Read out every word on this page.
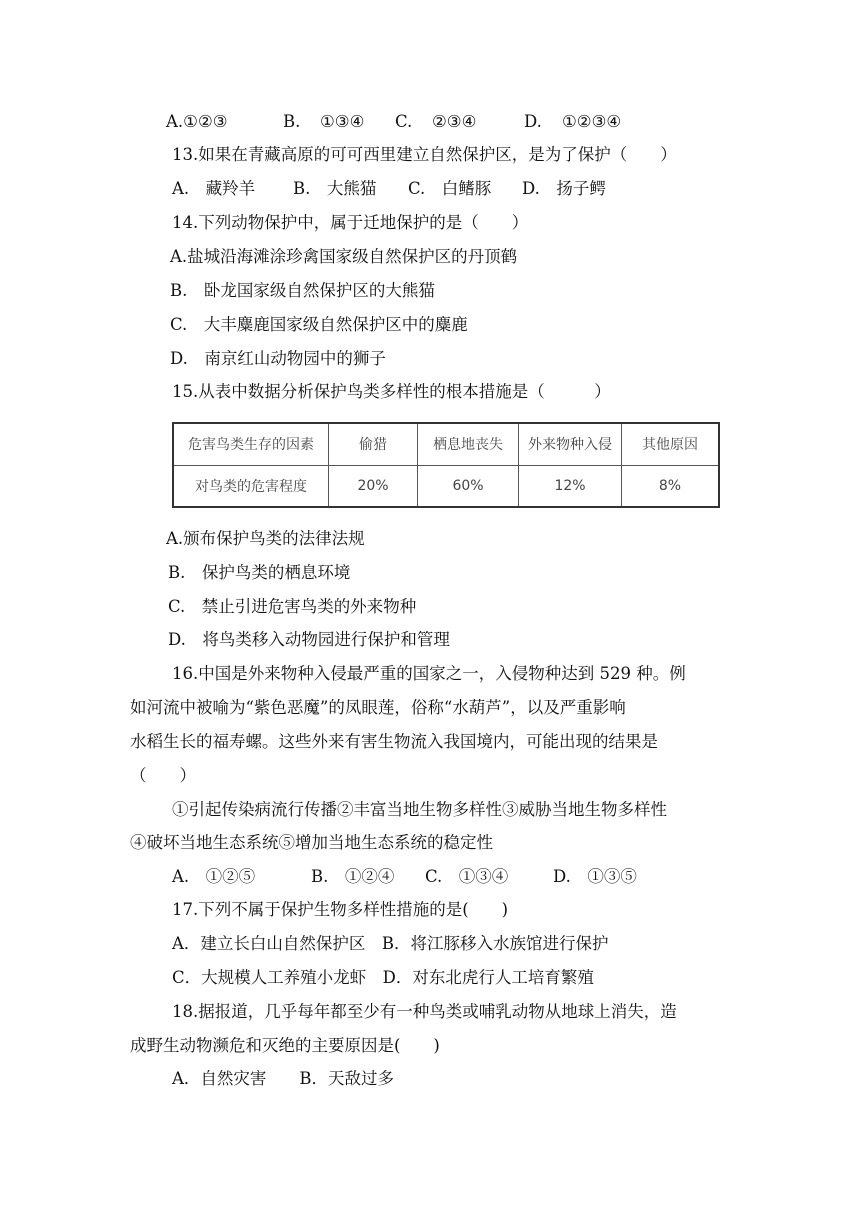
A.①②③	B. ①③④ C. ②③④	D. ①②③④
13.如果在青藏高原的可可西里建立自然保护区，是为了保护（　　）
A.　藏羚羊 B.　大熊猫 C.　白鳍豚 D.　扬子鳄
14.下列动物保护中，属于迁地保护的是（　　）
A.盐城沿海滩涂珍禽国家级自然保护区的丹顶鹤
B.　卧龙国家级自然保护区的大熊猫
C.　大丰麋鹿国家级自然保护区中的麋鹿
D.　南京红山动物园中的狮子
15.从表中数据分析保护鸟类多样性的根本措施是（　　　）
危害鸟类生存的因素	偷猎	栖息地丧失	外来物种入侵	其他原因
对鸟类的危害程度	20%	60%	12%	8%
A.颁布保护鸟类的法律法规
B.　保护鸟类的栖息环境
C.　禁止引进危害鸟类的外来物种
D.　将鸟类移入动物园进行保护和管理
16.中国是外来物种入侵最严重的国家之一，入侵物种达到 529 种。例
如河流中被喻为“紫色恶魔”的凤眼莲，俗称“水葫芦”，以及严重影响
水稻生长的福寿螺。这些外来有害生物流入我国境内，可能出现的结果是
（　　）
①引起传染病流行传播②丰富当地生物多样性③威胁当地生物多样性
④破坏当地生态系统⑤增加当地生态系统的稳定性
A.　①②⑤	B.　①②④ C.　①③④	D.　①③⑤
17.下列不属于保护生物多样性措施的是(　　)
A．建立长白山自然保护区　B．将江豚移入水族馆进行保护
C．大规模人工养殖小龙虾　D．对东北虎行人工培育繁殖
18.据报道，几乎每年都至少有一种鸟类或哺乳动物从地球上消失，造
成野生动物濒危和灭绝的主要原因是(　　)
A．自然灾害　　B．天敌过多
